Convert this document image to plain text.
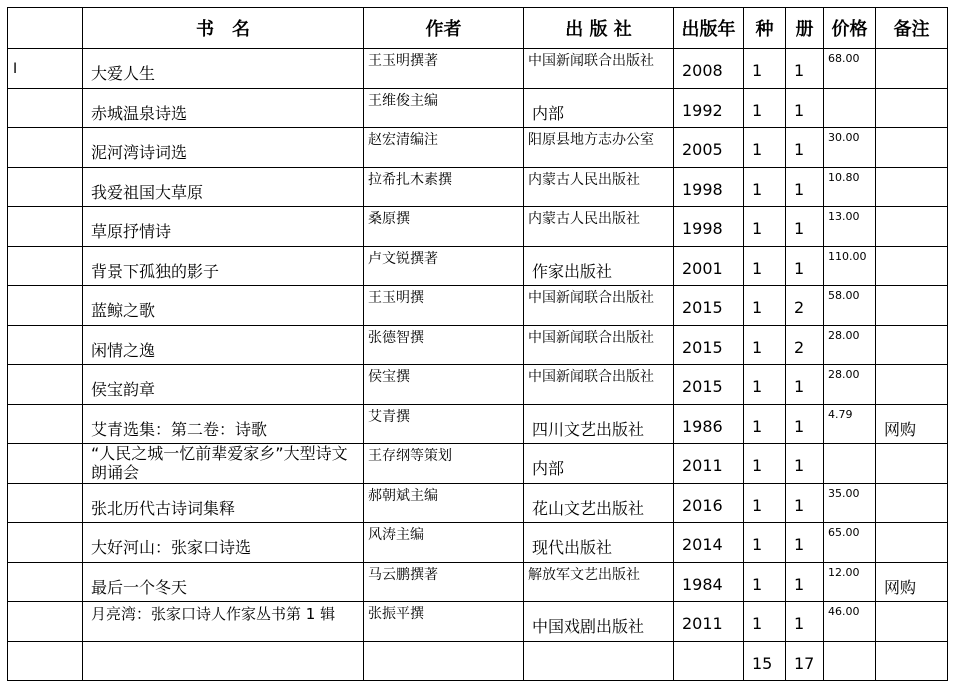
	书　名	作者	出 版 社	出版年	种	册	价格	备注

I	大爱人生	王玉明撰著	中国新闻联合出版社	2008	1	1	68.00	

	赤城温泉诗选	王维俊主编	内部	1992	1	1		

	泥河湾诗词选	赵宏清编注	阳原县地方志办公室	2005	1	1	30.00	

	我爱祖国大草原	拉希扎木素撰	内蒙古人民出版社	1998	1	1	10.80	

	草原抒情诗	桑原撰	内蒙古人民出版社	1998	1	1	13.00	

	背景下孤独的影子	卢文锐撰著	作家出版社	2001	1	1	110.00	

	蓝鲸之歌	王玉明撰	中国新闻联合出版社	2015	1	2	58.00	

	闲情之逸	张德智撰	中国新闻联合出版社	2015	1	2	28.00	

	侯宝韵章	侯宝撰	中国新闻联合出版社	2015	1	1	28.00	

	艾青选集：第二卷：诗歌	艾青撰	四川文艺出版社	1986	1	1	4.79	网购

	“人民之城一忆前辈爱家乡”大型诗文朗诵会	王存纲等策划	内部	2011	1	1		

	张北历代古诗词集释	郝朝斌主编	花山文艺出版社	2016	1	1	35.00	

	大好河山：张家口诗选	风涛主编	现代出版社	2014	1	1	65.00	

	最后一个冬天	马云鹏撰著	解放军文艺出版社	1984	1	1	12.00	网购

	月亮湾：张家口诗人作家丛书第 1 辑	张振平撰	中国戏剧出版社	2011	1	1	46.00	

					15	17		
